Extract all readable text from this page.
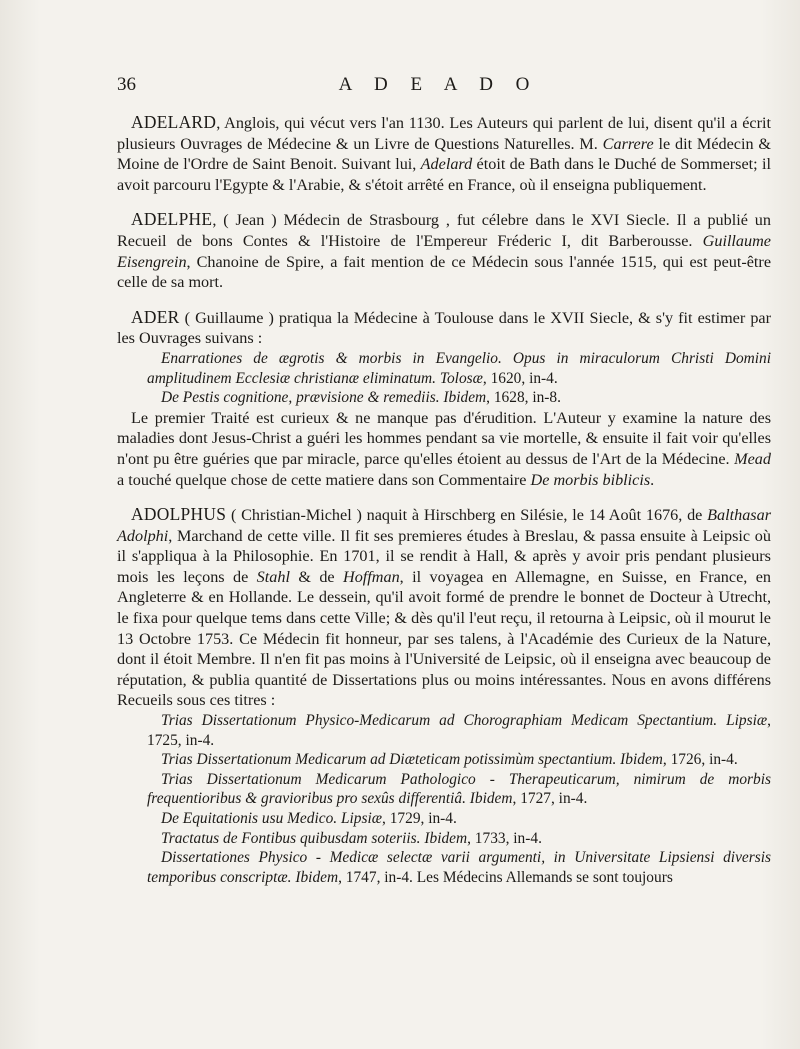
36	A D E A D O

ADELARD, Anglois, qui vécut vers l'an 1130. Les Auteurs qui parlent de lui, disent qu'il a écrit plusieurs Ouvrages de Médecine & un Livre de Questions Naturelles. M. Carrere le dit Médecin & Moine de l'Ordre de Saint Benoit. Suivant lui, Adelard étoit de Bath dans le Duché de Sommerset; il avoit parcouru l'Egypte & l'Arabie, & s'étoit arrêté en France, où il enseigna publiquement.

ADELPHE, ( Jean ) Médecin de Strasbourg , fut célebre dans le XVI Siecle. Il a publié un Recueil de bons Contes & l'Histoire de l'Empereur Fréderic I, dit Barberousse. Guillaume Eisengrein, Chanoine de Spire, a fait mention de ce Médecin sous l'année 1515, qui est peut-être celle de sa mort.

ADER ( Guillaume ) pratiqua la Médecine à Toulouse dans le XVII Siecle, & s'y fit estimer par les Ouvrages suivans :

Enarrationes de ægrotis & morbis in Evangelio. Opus in miraculorum Christi Domini amplitudinem Ecclesiæ christianæ eliminatum. Tolosæ, 1620, in-4.

De Pestis cognitione, prævisione & remediis. Ibidem, 1628, in-8.

Le premier Traité est curieux & ne manque pas d'érudition. L'Auteur y examine la nature des maladies dont Jesus-Christ a guéri les hommes pendant sa vie mortelle, & ensuite il fait voir qu'elles n'ont pu être guéries que par miracle, parce qu'elles étoient au dessus de l'Art de la Médecine. Mead a touché quelque chose de cette matiere dans son Commentaire De morbis biblicis.

ADOLPHUS ( Christian-Michel ) naquit à Hirschberg en Silésie, le 14 Août 1676, de Balthasar Adolphi, Marchand de cette ville. Il fit ses premieres études à Breslau, & passa ensuite à Leipsic où il s'appliqua à la Philosophie. En 1701, il se rendit à Hall, & après y avoir pris pendant plusieurs mois les leçons de Stahl & de Hoffman, il voyagea en Allemagne, en Suisse, en France, en Angleterre & en Hollande. Le dessein, qu'il avoit formé de prendre le bonnet de Docteur à Utrecht, le fixa pour quelque tems dans cette Ville; & dès qu'il l'eut reçu, il retourna à Leipsic, où il mourut le 13 Octobre 1753. Ce Médecin fit honneur, par ses talens, à l'Académie des Curieux de la Nature, dont il étoit Membre. Il n'en fit pas moins à l'Université de Leipsic, où il enseigna avec beaucoup de réputation, & publia quantité de Dissertations plus ou moins intéressantes. Nous en avons différens Recueils sous ces titres :

Trias Dissertationum Physico-Medicarum ad Chorographiam Medicam Spectantium. Lipsiæ, 1725, in-4.

Trias Dissertationum Medicarum ad Diæteticam potissimùm spectantium. Ibidem, 1726, in-4.

Trias Dissertationum Medicarum Pathologico - Therapeuticarum, nimirum de morbis frequentioribus & gravioribus pro sexûs differentiâ. Ibidem, 1727, in-4.

De Equitationis usu Medico. Lipsiæ, 1729, in-4.

Tractatus de Fontibus quibusdam soteriis. Ibidem, 1733, in-4.

Dissertationes Physico - Medicæ selectæ varii argumenti, in Universitate Lipsiensi diversis temporibus conscriptæ. Ibidem, 1747, in-4. Les Médecins Allemands se sont toujours
